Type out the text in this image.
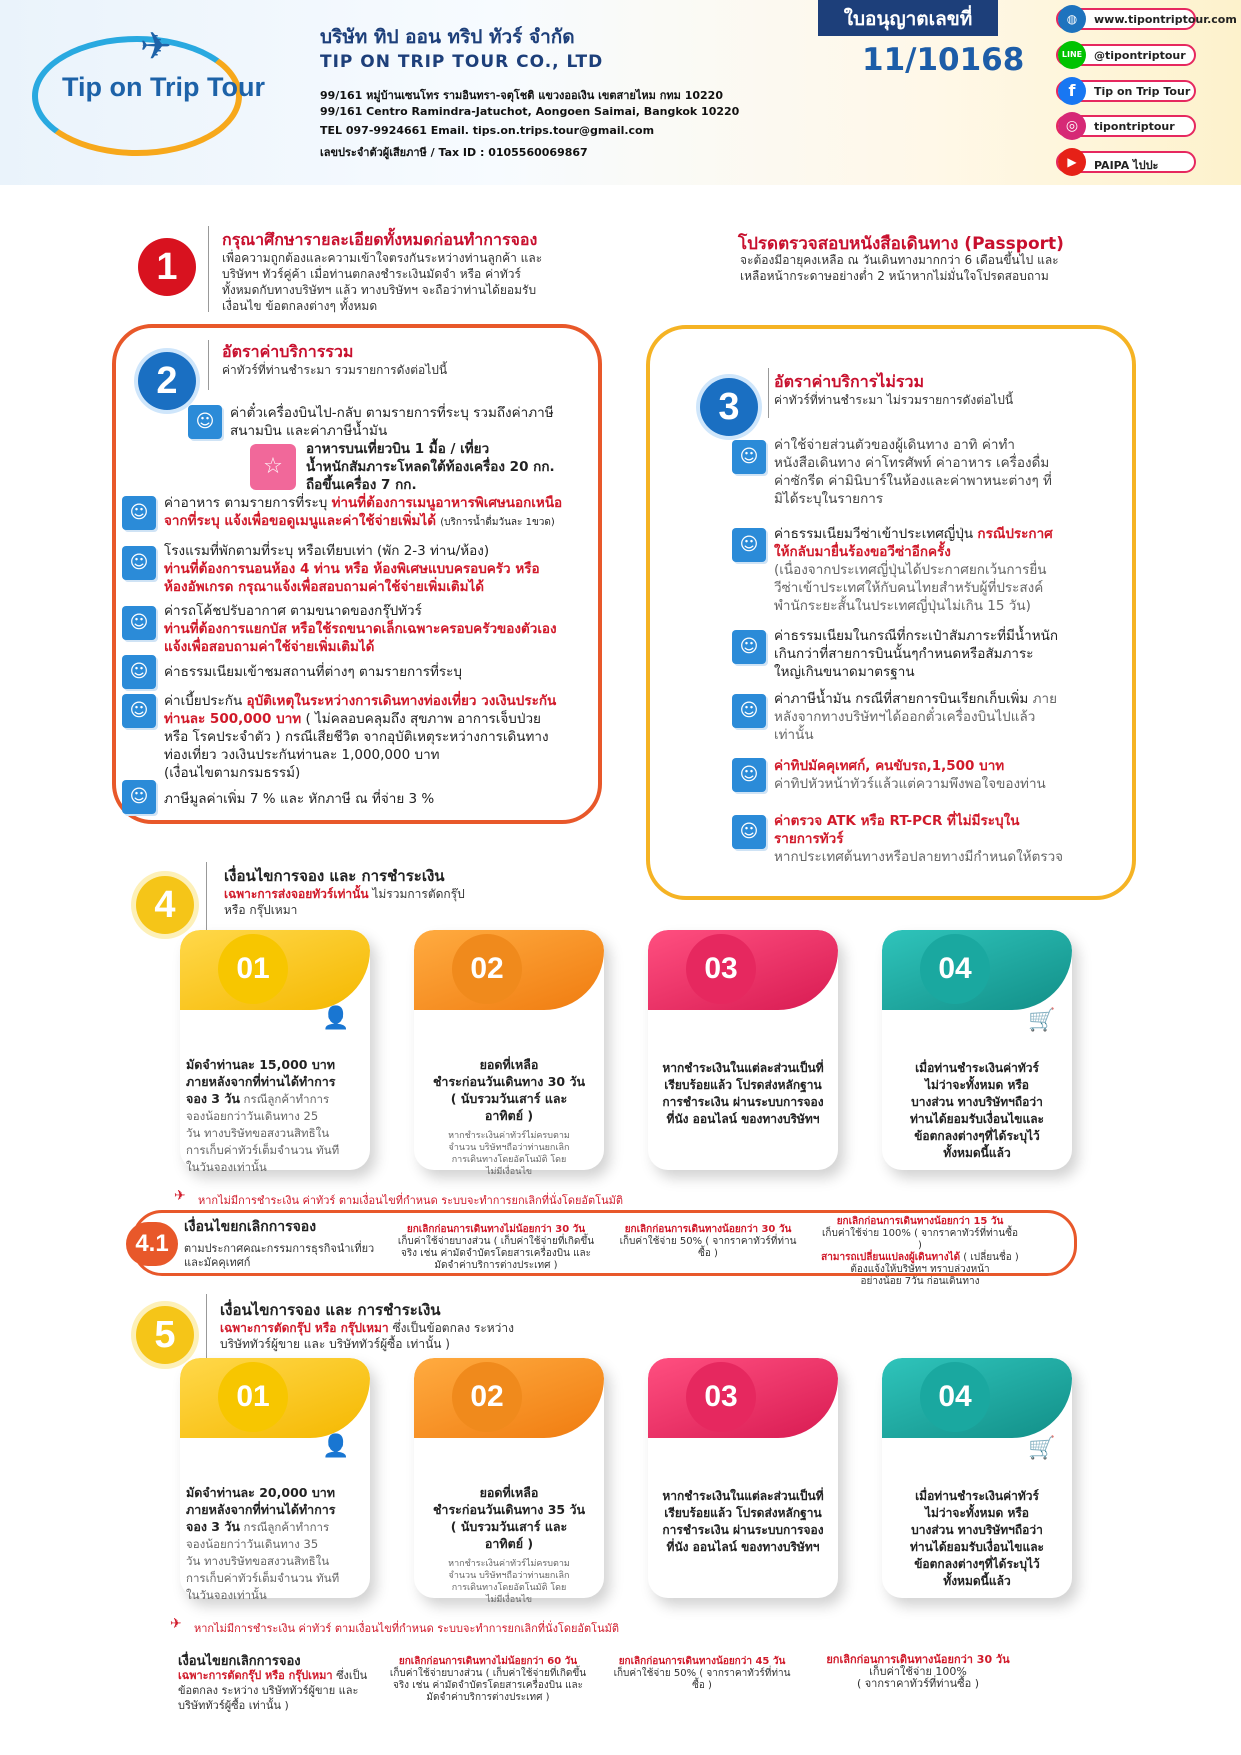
✈
Tip on Trip Tour
บริษัท ทิป ออน ทริป ทัวร์ จำกัด
TIP ON TRIP TOUR CO., LTD
99/161 หมู่บ้านเซนโทร รามอินทรา-จตุโชติ แขวงออเงิน เขตสายไหม กทม 10220
99/161 Centro Ramindra-Jatuchot, Aongoen Saimai, Bangkok 10220
TEL 097-9924661 Email. tips.on.trips.tour@gmail.com
เลขประจำตัวผู้เสียภาษี / Tax ID : 0105560069867
ใบอนุญาตเลขที่
11/10168
www.tipontriptour.com
◍
@tipontriptour
LINE
Tip on Trip Tour
f
tipontriptour
◎
PAIPA ไปปะ
▶
1
กรุณาศึกษารายละเอียดทั้งหมดก่อนทำการจอง
เพื่อความถูกต้องและความเข้าใจตรงกันระหว่างท่านลูกค้า และ
บริษัทฯ ทัวร์คู่ค้า เมื่อท่านตกลงชำระเงินมัดจำ หรือ ค่าทัวร์
ทั้งหมดกับทางบริษัทฯ แล้ว ทางบริษัทฯ จะถือว่าท่านได้ยอมรับ
เงื่อนไข ข้อตกลงต่างๆ ทั้งหมด
โปรดตรวจสอบหนังสือเดินทาง (Passport)
จะต้องมีอายุคงเหลือ ณ วันเดินทางมากกว่า 6 เดือนขึ้นไป และ
เหลือหน้ากระดาษอย่างต่ำ 2 หน้าหากไม่มั่นใจโปรดสอบถาม
2
อัตราค่าบริการรวม
ค่าทัวร์ที่ท่านชำระมา รวมรายการดังต่อไปนี้
☺	ค่าตั๋วเครื่องบินไป-กลับ ตามรายการที่ระบุ รวมถึงค่าภาษี
สนามบิน และค่าภาษีน้ำมัน
☆
อาหารบนเที่ยวบิน 1 มื้อ / เที่ยว
น้ำหนักสัมภาระโหลดใต้ท้องเครื่อง 20 กก.
ถือขึ้นเครื่อง 7 กก.
☺	ค่าอาหาร ตามรายการที่ระบุ ท่านที่ต้องการเมนูอาหารพิเศษนอกเหนือ
จากที่ระบุ แจ้งเพื่อขอดูเมนูและค่าใช้จ่ายเพิ่มได้ (บริการน้ำดื่มวันละ 1ขวด)
☺
โรงแรมที่พักตามที่ระบุ หรือเทียบเท่า (พัก 2-3 ท่าน/ห้อง)
ท่านที่ต้องการนอนห้อง 4 ท่าน หรือ ห้องพิเศษแบบครอบครัว หรือ
ห้องอัพเกรด กรุณาแจ้งเพื่อสอบถามค่าใช้จ่ายเพิ่มเติมได้
☺
ค่ารถโค้ชปรับอากาศ ตามขนาดของกรุ๊ปทัวร์
ท่านที่ต้องการแยกบัส หรือใช้รถขนาดเล็กเฉพาะครอบครัวของตัวเอง
แจ้งเพื่อสอบถามค่าใช้จ่ายเพิ่มเติมได้
☺	ค่าธรรมเนียมเข้าชมสถานที่ต่างๆ ตามรายการที่ระบุ
☺	ค่าเบี้ยประกัน อุบัติเหตุในระหว่างการเดินทางท่องเที่ยว วงเงินประกัน
ท่านละ 500,000 บาท ( ไม่คลอบคลุมถึง สุขภาพ อาการเจ็บป่วย
หรือ โรคประจำตัว ) กรณีเสียชีวิต จากอุบัติเหตุระหว่างการเดินทาง
ท่องเที่ยว วงเงินประกันท่านละ 1,000,000 บาท
(เงื่อนไขตามกรมธรรม์)
☺	ภาษีมูลค่าเพิ่ม 7 % และ หักภาษี ณ ที่จ่าย 3 %
3
อัตราค่าบริการไม่รวม
ค่าทัวร์ที่ท่านชำระมา ไม่รวมรายการดังต่อไปนี้
☺
ค่าใช้จ่ายส่วนตัวของผู้เดินทาง อาทิ ค่าทำ
หนังสือเดินทาง ค่าโทรศัพท์ ค่าอาหาร เครื่องดื่ม
ค่าซักรีด ค่ามินิบาร์ในห้องและค่าพาหนะต่างๆ ที่
มิได้ระบุในรายการ
☺	ค่าธรรมเนียมวีซ่าเข้าประเทศญี่ปุ่น กรณีประกาศ
ให้กลับมายื่นร้องขอวีซ่าอีกครั้ง
(เนื่องจากประเทศญี่ปุ่นได้ประกาศยกเว้นการยื่น
วีซ่าเข้าประเทศให้กับคนไทยสำหรับผู้ที่ประสงค์
พำนักระยะสั้นในประเทศญี่ปุ่นไม่เกิน 15 วัน)
☺	ค่าธรรมเนียมในกรณีที่กระเป๋าสัมภาระที่มีน้ำหนัก
เกินกว่าที่สายการบินนั้นๆกำหนดหรือสัมภาระ
ใหญ่เกินขนาดมาตรฐาน
☺
ค่าภาษีน้ำมัน กรณีที่สายการบินเรียกเก็บเพิ่ม ภาย
หลังจากทางบริษัทฯได้ออกตั๋วเครื่องบินไปแล้ว
เท่านั้น
☺	ค่าทิปมัคคุเทศก์, คนขับรถ,1,500 บาท
ค่าทิปหัวหน้าทัวร์แล้วแต่ความพึงพอใจของท่าน
☺	ค่าตรวจ ATK หรือ RT-PCR ที่ไม่มีระบุใน
รายการทัวร์
หากประเทศต้นทางหรือปลายทางมีกำหนดให้ตรวจ
4
เงื่อนไขการจอง และ การชำระเงิน
เฉพาะการส่งจอยทัวร์เท่านั้น ไม่รวมการตัดกรุ๊ป
หรือ กรุ๊ปเหมา
01
👤
มัดจำท่านละ 15,000 บาท
ภายหลังจากที่ท่านได้ทำการ
จอง 3 วัน กรณีลูกค้าทำการ
จองน้อยกว่าวันเดินทาง 25
วัน ทางบริษัทขอสงวนสิทธิใน
การเก็บค่าทัวร์เต็มจำนวน ทันที
ในวันจองเท่านั้น
02
ยอดที่เหลือ
ชำระก่อนวันเดินทาง 30 วัน
( นับรวมวันเสาร์ และ
อาทิตย์ )
หากชำระเงินค่าทัวร์ไม่ครบตาม
จำนวน บริษัทฯถือว่าท่านยกเลิก
การเดินทางโดยอัตโนมัติ โดย
ไม่มีเงื่อนไข
03
หากชำระเงินในแต่ละส่วนเป็นที่
เรียบร้อยแล้ว โปรดส่งหลักฐาน
การชำระเงิน ผ่านระบบการจอง
ที่นัง ออนไลน์ ของทางบริษัทฯ
04
🛒
เมื่อท่านชำระเงินค่าทัวร์
ไม่ว่าจะทั้งหมด หรือ
บางส่วน ทางบริษัทฯถือว่า
ท่านได้ยอมรับเงื่อนไขและ
ข้อตกลงต่างๆที่ได้ระบุไว้
ทั้งหมดนี้แล้ว
✈ หากไม่มีการชำระเงิน ค่าทัวร์ ตามเงื่อนไขที่กำหนด ระบบจะทำการยกเลิกที่นั่งโดยอัตโนมัติ
4.1
เงื่อนไขยกเลิกการจอง
ตามประกาศคณะกรรมการธุรกิจนำเที่ยว
และมัคคุเทศก์
ยกเลิกก่อนการเดินทางไม่น้อยกว่า 30 วัน
เก็บค่าใช้จ่ายบางส่วน ( เก็บค่าใช้จ่ายที่เกิดขึ้น
จริง เช่น ค่ามัดจำบัตรโดยสารเครื่องบิน และ
มัดจำค่าบริการต่างประเทศ )
ยกเลิกก่อนการเดินทางน้อยกว่า 30 วัน
เก็บค่าใช้จ่าย 50% ( จากราคาทัวร์ที่ท่านซื้อ )
ยกเลิกก่อนการเดินทางน้อยกว่า 15 วัน
เก็บค่าใช้จ่าย 100% ( จากราคาทัวร์ที่ท่านซื้อ )
สามารถเปลี่ยนแปลงผู้เดินทางได้ ( เปลี่ยนชื่อ )
ต้องแจ้งให้บริษัทฯ ทราบล่วงหน้า
อย่างน้อย 7วัน ก่อนเดินทาง
5
เงื่อนไขการจอง และ การชำระเงิน
เฉพาะการตัดกรุ๊ป หรือ กรุ๊ปเหมา ซึ่งเป็นข้อตกลง ระหว่าง
บริษัททัวร์ผู้ขาย และ บริษัททัวร์ผู้ซื้อ เท่านั้น )
01
👤
มัดจำท่านละ 20,000 บาท
ภายหลังจากที่ท่านได้ทำการ
จอง 3 วัน กรณีลูกค้าทำการ
จองน้อยกว่าวันเดินทาง 35
วัน ทางบริษัทขอสงวนสิทธิใน
การเก็บค่าทัวร์เต็มจำนวน ทันที
ในวันจองเท่านั้น
02
ยอดที่เหลือ
ชำระก่อนวันเดินทาง 35 วัน
( นับรวมวันเสาร์ และ
อาทิตย์ )
หากชำระเงินค่าทัวร์ไม่ครบตาม
จำนวน บริษัทฯถือว่าท่านยกเลิก
การเดินทางโดยอัตโนมัติ โดย
ไม่มีเงื่อนไข
03
หากชำระเงินในแต่ละส่วนเป็นที่
เรียบร้อยแล้ว โปรดส่งหลักฐาน
การชำระเงิน ผ่านระบบการจอง
ที่นัง ออนไลน์ ของทางบริษัทฯ
04
🛒
เมื่อท่านชำระเงินค่าทัวร์
ไม่ว่าจะทั้งหมด หรือ
บางส่วน ทางบริษัทฯถือว่า
ท่านได้ยอมรับเงื่อนไขและ
ข้อตกลงต่างๆที่ได้ระบุไว้
ทั้งหมดนี้แล้ว
✈ หากไม่มีการชำระเงิน ค่าทัวร์ ตามเงื่อนไขที่กำหนด ระบบจะทำการยกเลิกที่นั่งโดยอัตโนมัติ
เงื่อนไขยกเลิกการจอง
เฉพาะการตัดกรุ๊ป หรือ กรุ๊ปเหมา ซึ่งเป็น
ข้อตกลง ระหว่าง บริษัททัวร์ผู้ขาย และ
บริษัททัวร์ผู้ซื้อ เท่านั้น )
ยกเลิกก่อนการเดินทางไม่น้อยกว่า 60 วัน
เก็บค่าใช้จ่ายบางส่วน ( เก็บค่าใช้จ่ายที่เกิดขึ้น
จริง เช่น ค่ามัดจำบัตรโดยสารเครื่องบิน และ
มัดจำค่าบริการต่างประเทศ )
ยกเลิกก่อนการเดินทางน้อยกว่า 45 วัน
เก็บค่าใช้จ่าย 50% ( จากราคาทัวร์ที่ท่านซื้อ )
ยกเลิกก่อนการเดินทางน้อยกว่า 30 วัน
เก็บค่าใช้จ่าย 100%
( จากราคาทัวร์ที่ท่านซื้อ )
